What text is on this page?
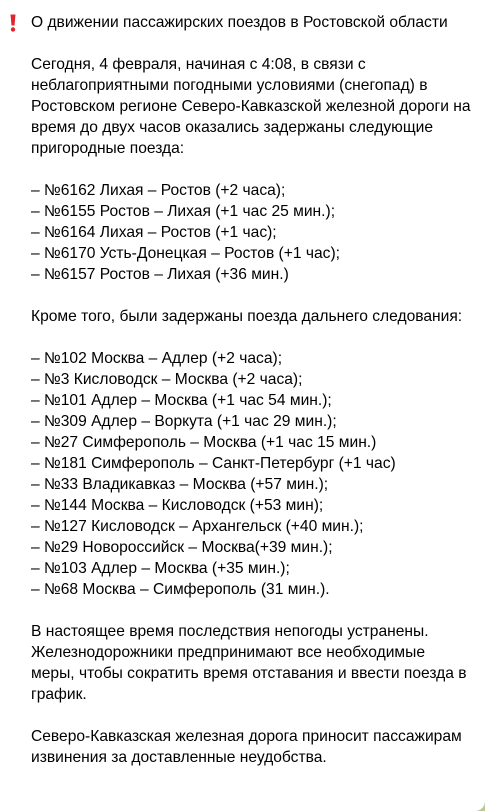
О движении пассажирских поездов в Ростовской области

Сегодня, 4 февраля, начиная с 4:08, в связи с неблагоприятными погодными условиями (снегопад) в Ростовском регионе Северо-Кавказской железной дороги на время до двух часов оказались задержаны следующие пригородные поезда:

– №6162 Лихая – Ростов (+2 часа);
– №6155 Ростов – Лихая (+1 час 25 мин.);
– №6164 Лихая – Ростов (+1 час);
– №6170 Усть-Донецкая – Ростов (+1 час);
– №6157 Ростов – Лихая (+36 мин.)

Кроме того, были задержаны поезда дальнего следования:

– №102 Москва – Адлер (+2 часа);
– №3 Кисловодск – Москва (+2 часа);
– №101 Адлер – Москва (+1 час 54 мин.);
– №309 Адлер – Воркута (+1 час 29 мин.);
– №27 Симферополь – Москва (+1 час 15 мин.)
– №181 Симферополь – Санкт-Петербург (+1 час)
– №33 Владикавказ – Москва (+57 мин.);
– №144 Москва – Кисловодск (+53 мин);
– №127 Кисловодск – Архангельск (+40 мин.);
– №29 Новороссийск – Москва(+39 мин.);
– №103 Адлер – Москва (+35 мин.);
– №68 Москва – Симферополь (31 мин.).

В настоящее время последствия непогоды устранены. Железнодорожники предпринимают все необходимые меры, чтобы сократить время отставания и ввести поезда в график.

Северо-Кавказская железная дорога приносит пассажирам извинения за доставленные неудобства.
